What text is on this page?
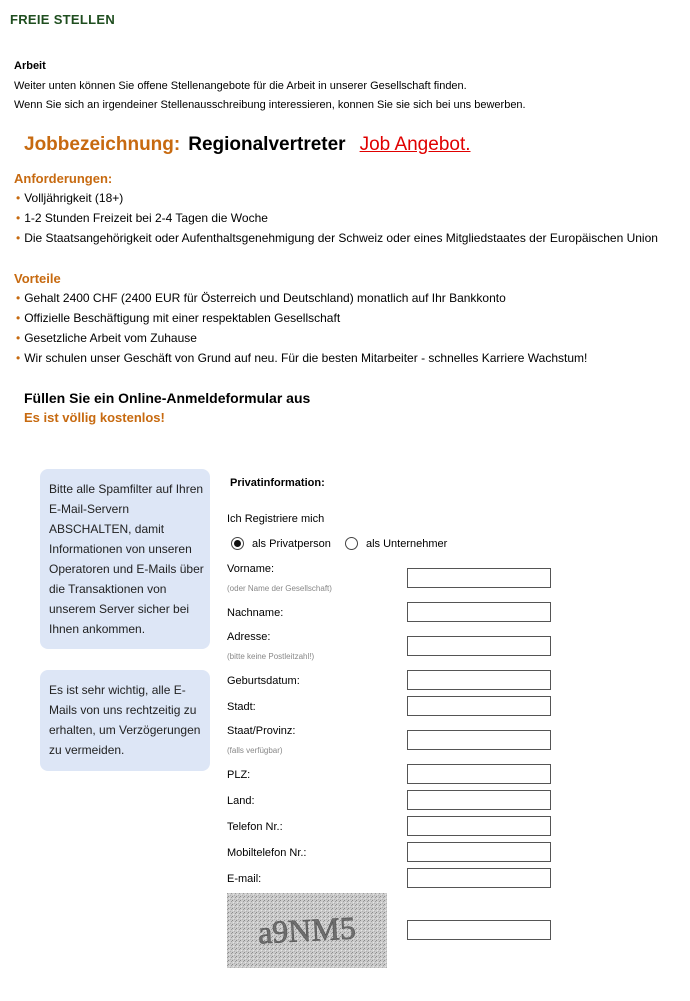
FREIE STELLEN
Arbeit
Weiter unten können Sie offene Stellenangebote für die Arbeit in unserer Gesellschaft finden.
Wenn Sie sich an irgendeiner Stellenausschreibung interessieren, konnen Sie sie sich bei uns bewerben.
Jobbezeichnung: Regionalvertreter Job Angebot.
Anforderungen:
• Volljährigkeit (18+)
• 1-2 Stunden Freizeit bei 2-4 Tagen die Woche
• Die Staatsangehörigkeit oder Aufenthaltsgenehmigung der Schweiz oder eines Mitgliedstaates der Europäischen Union
Vorteile
• Gehalt 2400 CHF (2400 EUR für Österreich und Deutschland) monatlich auf Ihr Bankkonto
• Offizielle Beschäftigung mit einer respektablen Gesellschaft
• Gesetzliche Arbeit vom Zuhause
• Wir schulen unser Geschäft von Grund auf neu. Für die besten Mitarbeiter - schnelles Karriere Wachstum!
Füllen Sie ein Online-Anmeldeformular aus
Es ist völlig kostenlos!
Bitte alle Spamfilter auf Ihren E-Mail-Servern ABSCHALTEN, damit Informationen von unseren Operatoren und E-Mails über die Transaktionen von unserem Server sicher bei Ihnen ankommen.
Es ist sehr wichtig, alle E-Mails von uns rechtzeitig zu erhalten, um Verzögerungen zu vermeiden.
Privatinformation:
Ich Registriere mich
als Privatperson	als Unternehmer
Vorname:
(oder Name der Gesellschaft)
Nachname:
Adresse:
(bitte keine Postleitzahl!)
Geburtsdatum:
Stadt:
Staat/Provinz:
(falls verfügbar)
PLZ:
Land:
Telefon Nr.:
Mobiltelefon Nr.:
E-mail:
a9NM5
